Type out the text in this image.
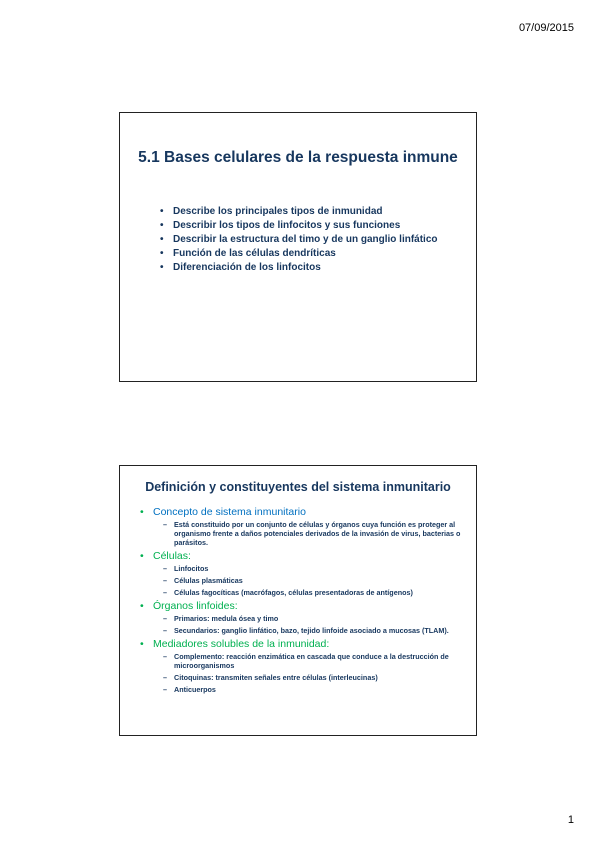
07/09/2015
5.1 Bases celulares de la respuesta inmune
• Describe los principales tipos de inmunidad
• Describir los tipos de linfocitos y sus funciones
• Describir la estructura del timo y de un ganglio linfático
• Función de las células dendríticas
• Diferenciación de los linfocitos
Definición y constituyentes del sistema inmunitario
• Concepto de sistema inmunitario
– Está constituido por un conjunto de células y órganos cuya función es proteger al organismo frente a daños potenciales derivados de la invasión de virus, bacterias o parásitos.
• Células:
– Linfocitos
– Células plasmáticas
– Células fagocíticas (macrófagos, células presentadoras de antígenos)
• Órganos linfoides:
– Primarios: medula ósea y timo
– Secundarios: ganglio linfático, bazo, tejido linfoide asociado a mucosas (TLAM).
• Mediadores solubles de la inmunidad:
– Complemento: reacción enzimática en cascada que conduce a la destrucción de microorganismos
– Citoquinas: transmiten señales entre células (interleucinas)
– Anticuerpos
1
